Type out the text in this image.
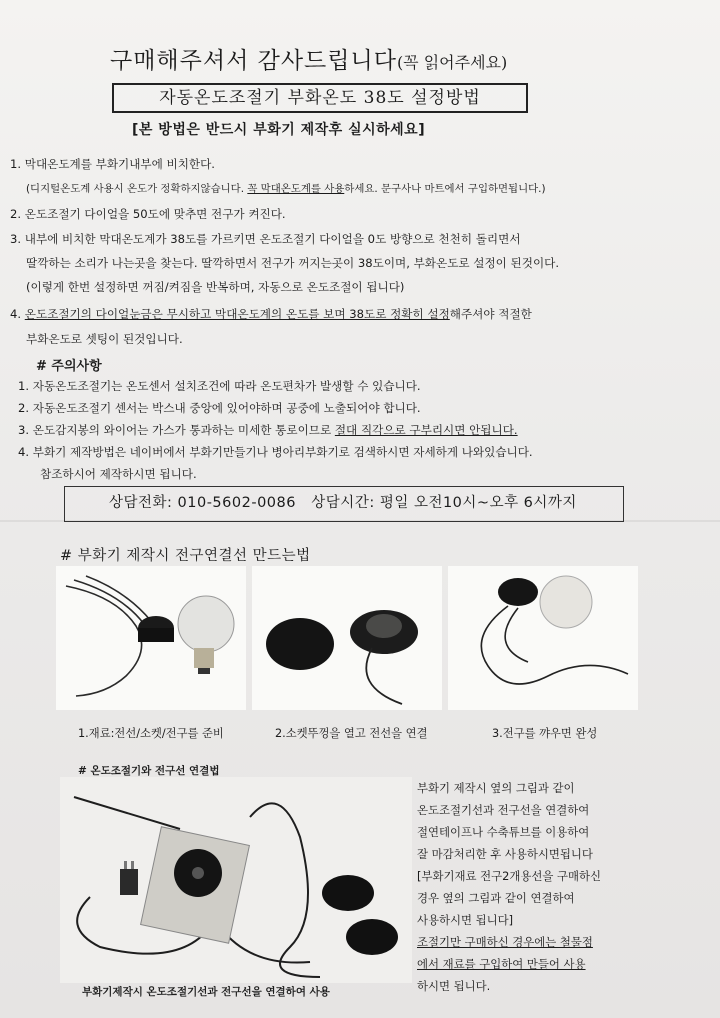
구매해주셔서 감사드립니다(꼭 읽어주세요)
자동온도조절기 부화온도 38도 설정방법
[본 방법은 반드시 부화기 제작후 실시하세요]
1. 막대온도계를 부화기내부에 비치한다.
(디지털온도계 사용시 온도가 정확하지않습니다. 꼭 막대온도계를 사용하세요. 문구사나 마트에서 구입하면됩니다.)
2. 온도조절기 다이얼을 50도에 맞추면 전구가 켜진다.
3. 내부에 비치한 막대온도계가 38도를 가르키면 온도조절기 다이얼을 0도 방향으로 천천히 돌리면서
딸깍하는 소리가 나는곳을 찾는다. 딸깍하면서 전구가 꺼지는곳이 38도이며, 부화온도로 설정이 된것이다.
(이렇게 한번 설정하면 꺼짐/켜짐을 반복하며, 자동으로 온도조절이 됩니다)
4. 온도조절기의 다이얼눈금은 무시하고 막대온도계의 온도를 보며 38도로 정확히 설정해주셔야 적절한
부화온도로 셋팅이 된것입니다.
# 주의사항
1. 자동온도조절기는 온도센서 설치조건에 따라 온도편차가 발생할 수 있습니다.
2. 자동온도조절기 센서는 박스내 중앙에 있어야하며 공중에 노출되어야 합니다.
3. 온도감지봉의 와이어는 가스가 통과하는 미세한 통로이므로 절대 직각으로 구부리시면 안됩니다.
4. 부화기 제작방법은 네이버에서 부화기만들기나 병아리부화기로 검색하시면 자세하게 나와있습니다.
참조하시어 제작하시면 됩니다.
상담전화: 010-5602-0086 상담시간: 평일 오전10시~오후 6시까지
# 부화기 제작시 전구연결선 만드는법
1.재료:전선/소켓/전구를 준비	2.소켓뚜껑을 열고 전선을 연결	3.전구를 꺄우면 완성
# 온도조절기와 전구선 연결법
부화기제작시 온도조절기선과 전구선을 연결하여 사용
부화기 제작시 옆의 그림과 같이
온도조절기선과 전구선을 연결하여
절연테이프나 수축튜브를 이용하여
잘 마감처리한 후 사용하시면됩니다
[부화기재료 전구2개용선을 구매하신
경우 옆의 그림과 같이 연결하여
사용하시면 됩니다]
조절기만 구매하신 경우에는 철물점
에서 재료를 구입하여 만들어 사용
하시면 됩니다.
